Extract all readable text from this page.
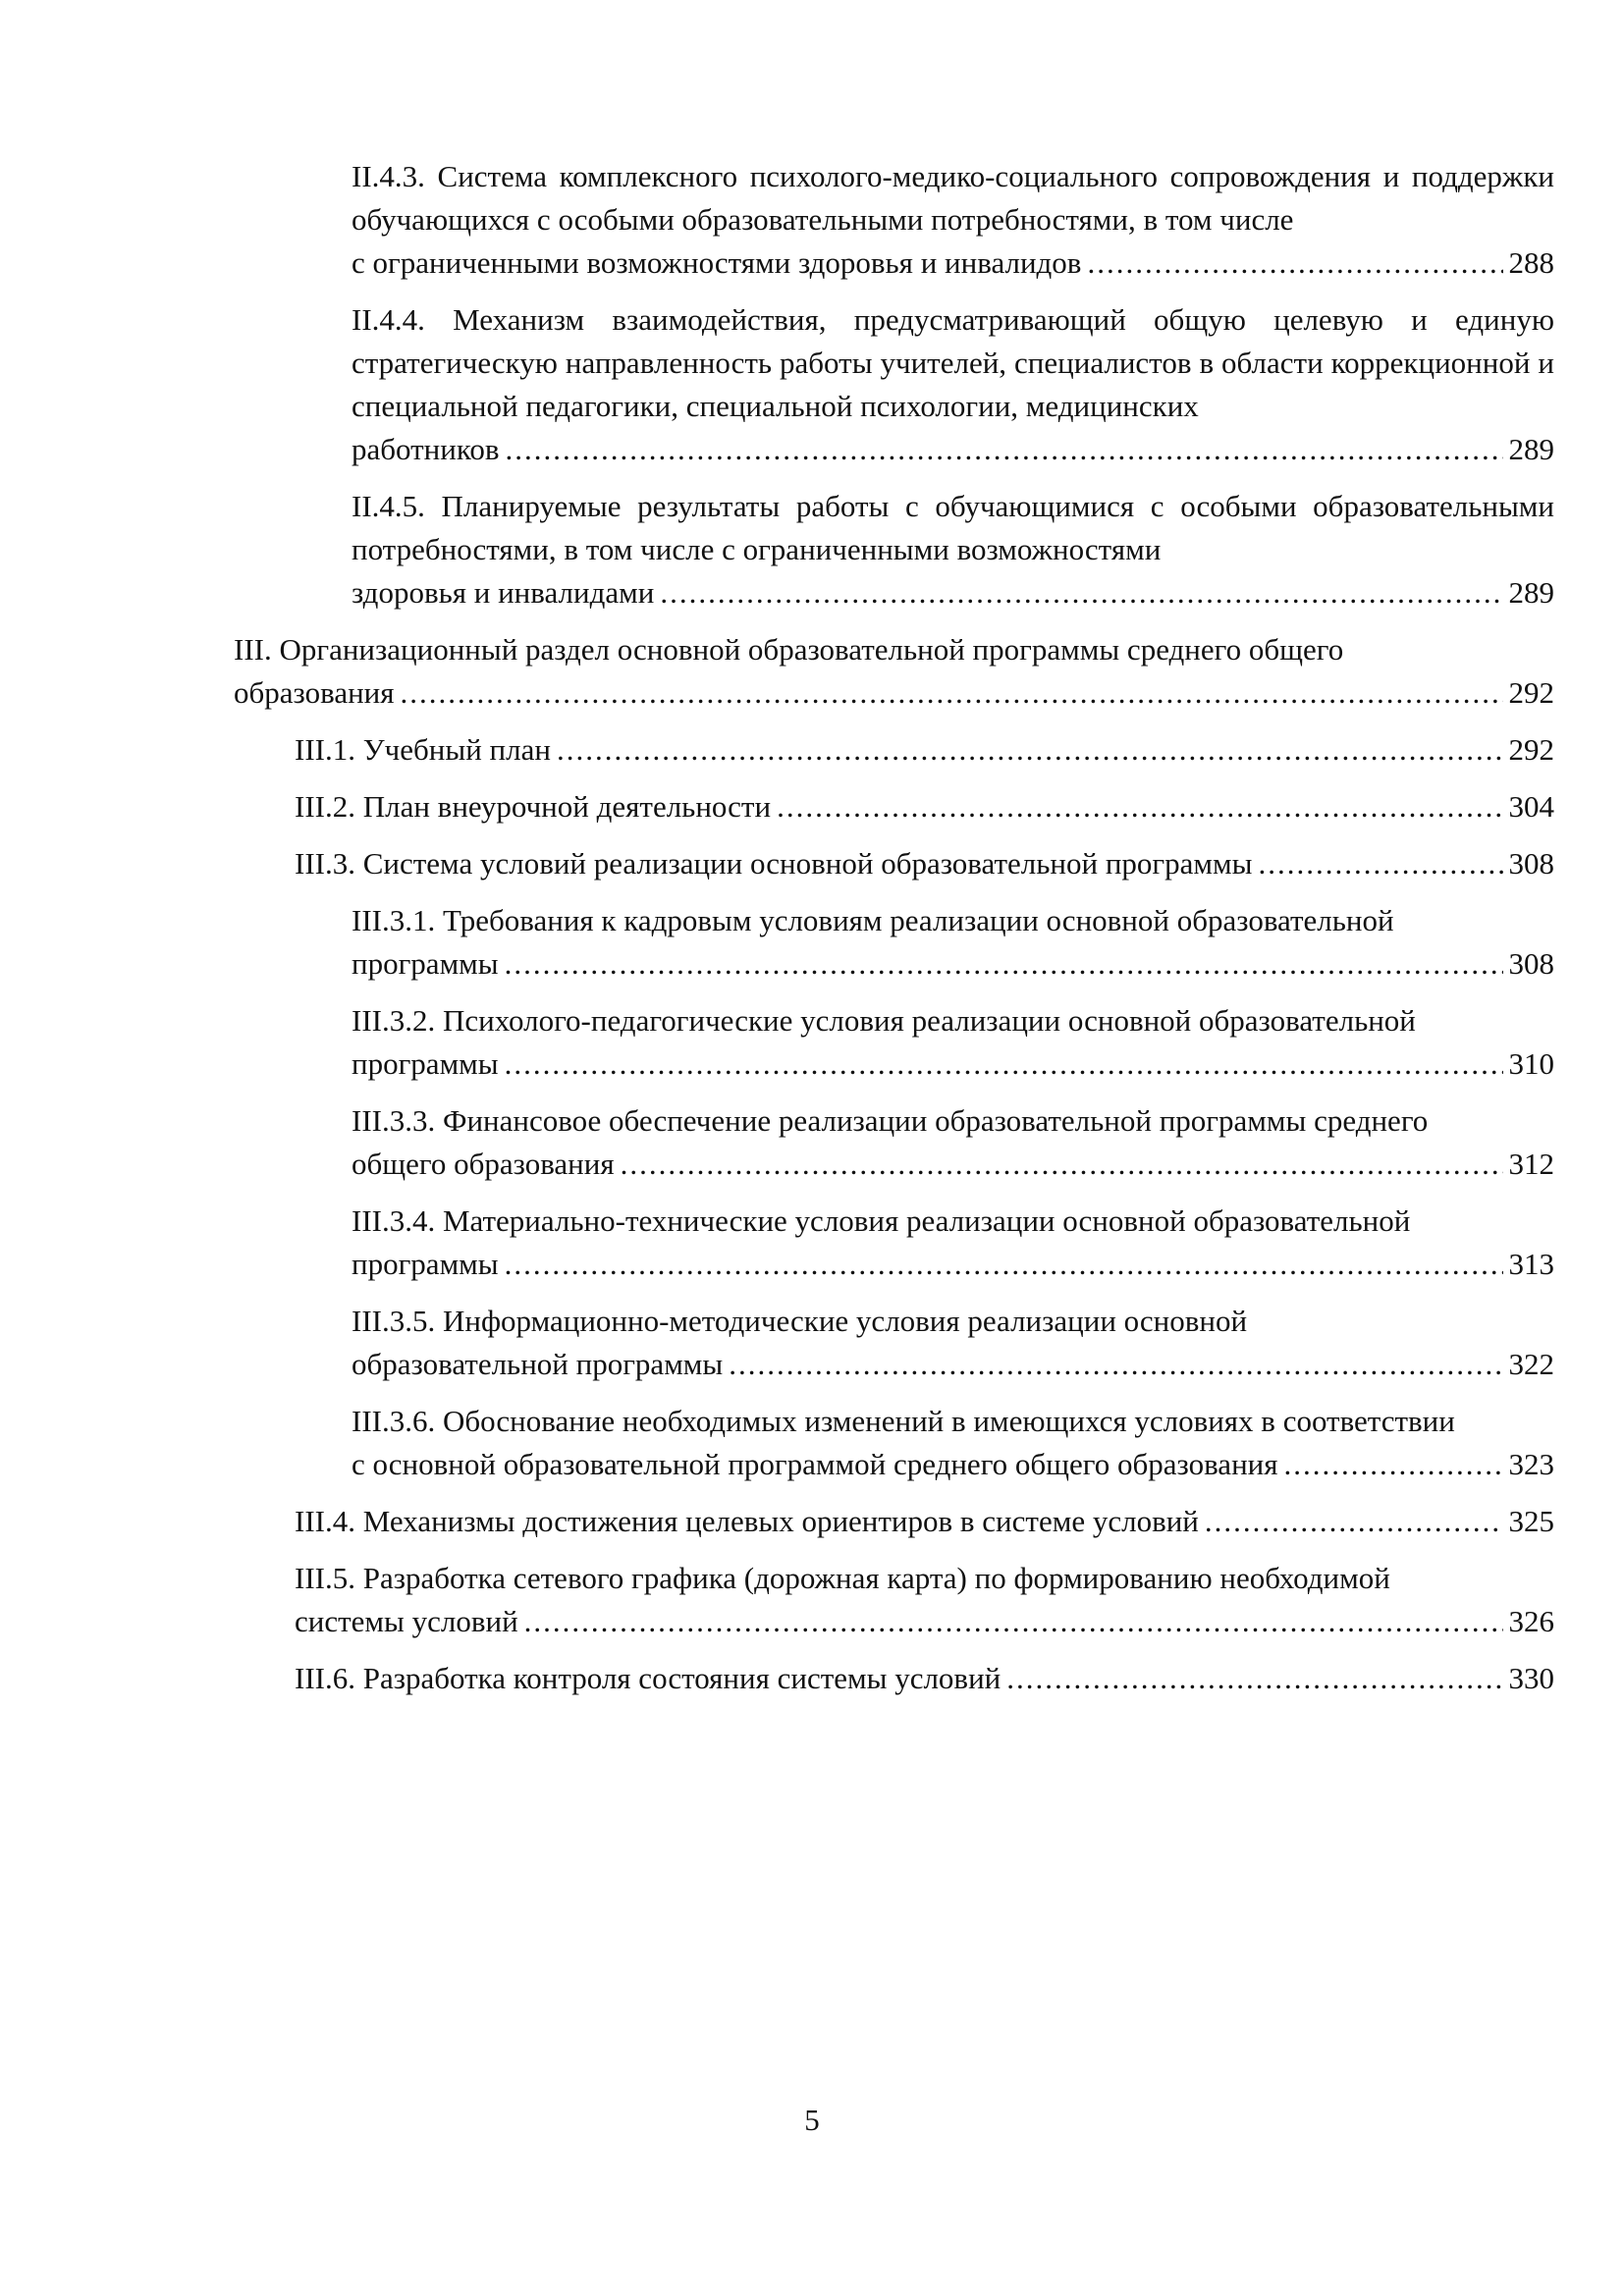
II.4.3. Система комплексного психолого-медико-социального сопровождения и поддержки обучающихся с особыми образовательными потребностями, в том числе
с ограниченными возможностями здоровья и инвалидов .....	288
II.4.4. Механизм взаимодействия, предусматривающий общую целевую и единую стратегическую направленность работы учителей, специалистов в области коррекционной и специальной педагогики, специальной психологии, медицинских
работников .....	289
II.4.5. Планируемые результаты работы с обучающимися с особыми образовательными потребностями, в том числе с ограниченными возможностями
здоровья и инвалидами .....	289
III. Организационный раздел основной образовательной программы среднего общего
образования .....	292
III.1. Учебный план .....	292
III.2. План внеурочной деятельности .....	304
III.3. Система условий реализации основной образовательной программы .....	308
III.3.1. Требования к кадровым условиям реализации основной образовательной
программы .....	308
III.3.2. Психолого-педагогические условия реализации основной образовательной
программы .....	310
III.3.3. Финансовое обеспечение реализации образовательной программы среднего
общего образования .....	312
III.3.4. Материально-технические условия реализации основной образовательной
программы .....	313
III.3.5. Информационно-методические условия реализации основной
образовательной программы .....	322
III.3.6. Обоснование необходимых изменений в имеющихся условиях в соответствии
с основной образовательной программой среднего общего образования .....	323
III.4. Механизмы достижения целевых ориентиров в системе условий .....	325
III.5. Разработка сетевого графика (дорожная карта) по формированию необходимой
системы условий .....	326
III.6. Разработка контроля состояния системы условий .....	330
5
